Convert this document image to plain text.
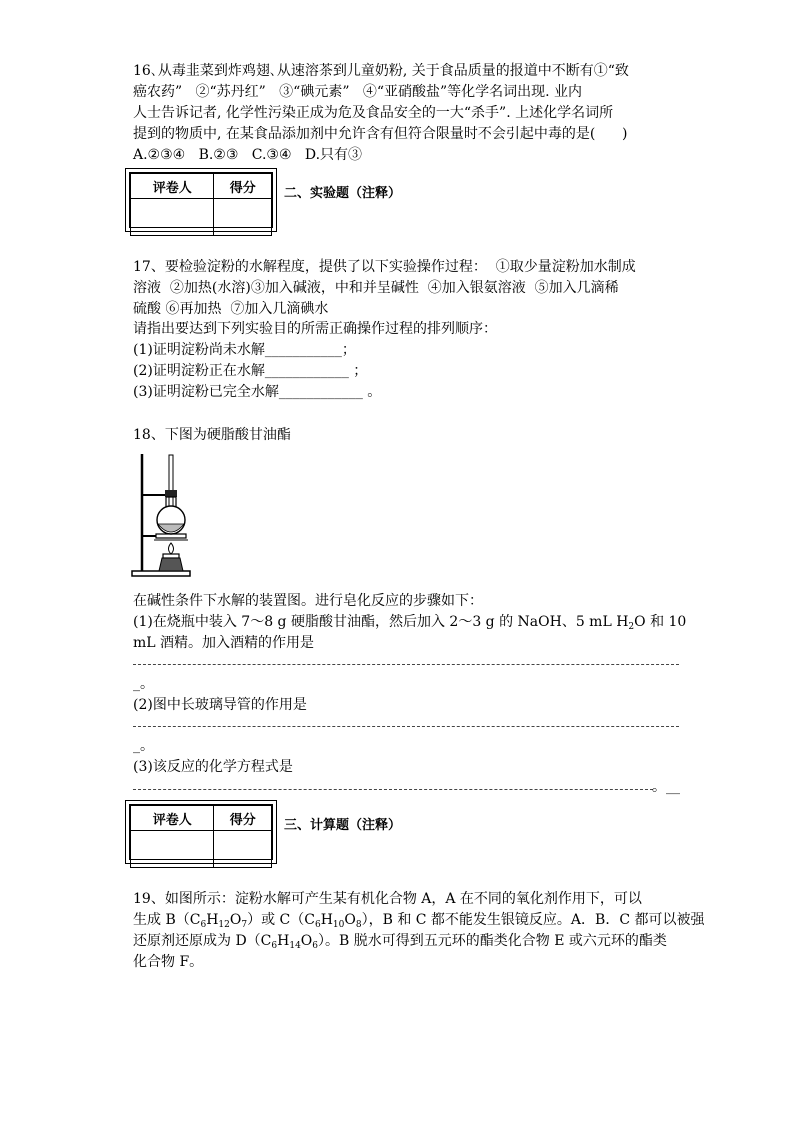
16､从毒韭菜到炸鸡翅､从速溶茶到儿童奶粉, 关于食品质量的报道中不断有①“致
癌农药”   ②“苏丹红”   ③“碘元素”   ④“亚硝酸盐”等化学名词出现. 业内
人士告诉记者, 化学性污染正成为危及食品安全的一大“杀手”. 上述化学名词所
提到的物质中, 在某食品添加剂中允许含有但符合限量时不会引起中毒的是(      )
A.②③④   B.②③   C.③④   D.只有③
评卷人	得分
	二、实验题（注释）
17、要检验淀粉的水解程度，提供了以下实验操作过程：  ①取少量淀粉加水制成
溶液  ②加热(水溶)③加入碱液，中和并呈碱性  ④加入银氨溶液  ⑤加入几滴稀
硫酸 ⑥再加热  ⑦加入几滴碘水
请指出要达到下列实验目的所需正确操作过程的排列顺序：
(1)证明淀粉尚未水解___________；
(2)证明淀粉正在水解____________ ；
(3)证明淀粉已完全水解____________ 。
18、下图为硬脂酸甘油酯
在碱性条件下水解的装置图。进行皂化反应的步骤如下：
(1)在烧瓶中装入 7～8 g 硬脂酸甘油酯，然后加入 2～3 g 的 NaOH、5 mL $H_2O$ 和 10
mL 酒精。加入酒精的作用是
_。
(2)图中长玻璃导管的作用是
_。
(3)该反应的化学方程式是
。__
评卷人	得分
	三、计算题（注释）
19、如图所示：淀粉水解可产生某有机化合物 A，A 在不同的氧化剂作用下，可以
生成 $B(C_6H_{12}O_7)$或 $C(C_6H_{10}O_8)$，B 和 C 都不能发生银镜反应。A．B．C 都可以被强
还原剂还原成为 $D(C_6H_{14}O_6)$。B 脱水可得到五元环的酯类化合物 E 或六元环的酯类
化合物 F。
